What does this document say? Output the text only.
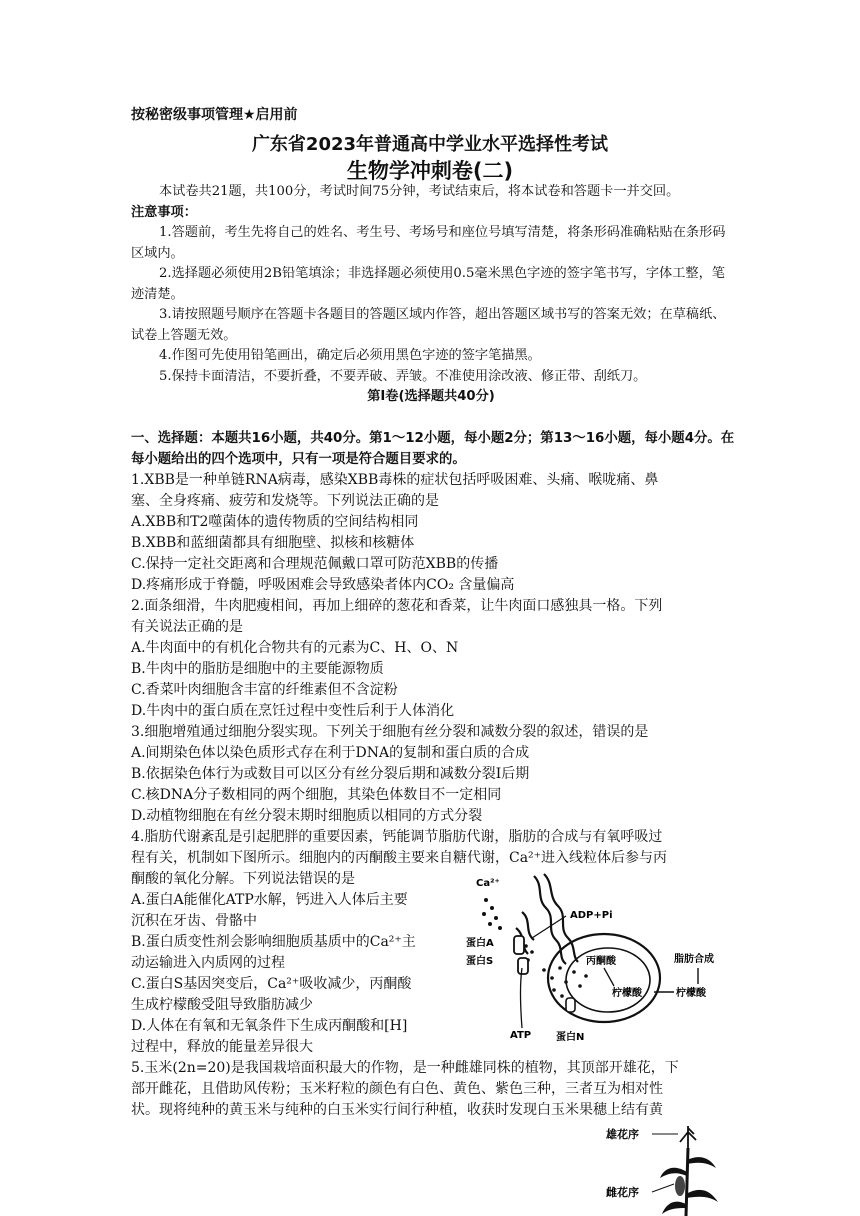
按秘密级事项管理★启用前
广东省2023年普通高中学业水平选择性考试
生物学冲刺卷(二)

本试卷共21题，共100分，考试时间75分钟，考试结束后，将本试卷和答题卡一并交回。

注意事项：

1.答题前，考生先将自己的姓名、考生号、考场号和座位号填写清楚，将条形码准确粘贴在条形码区域内。

2.选择题必须使用2B铅笔填涂；非选择题必须使用0.5毫米黑色字迹的签字笔书写，字体工整，笔迹清楚。

3.请按照题号顺序在答题卡各题目的答题区域内作答，超出答题区域书写的答案无效；在草稿纸、试卷上答题无效。

4.作图可先使用铅笔画出，确定后必须用黑色字迹的签字笔描黑。

5.保持卡面清洁，不要折叠，不要弄破、弄皱。不准使用涂改液、修正带、刮纸刀。

第Ⅰ卷(选择题共40分)

一、选择题：本题共16小题，共40分。第1～12小题，每小题2分；第13～16小题，每小题4分。在每小题给出的四个选项中，只有一项是符合题目要求的。

1.XBB是一种单链RNA病毒，感染XBB毒株的症状包括呼吸困难、头痛、喉咙痛、鼻

塞、全身疼痛、疲劳和发烧等。下列说法正确的是

A.XBB和T2噬菌体的遗传物质的空间结构相同

B.XBB和蓝细菌都具有细胞壁、拟核和核糖体

C.保持一定社交距离和合理规范佩戴口罩可防范XBB的传播

D.疼痛形成于脊髓，呼吸困难会导致感染者体内CO₂ 含量偏高

2.面条细滑，牛肉肥瘦相间，再加上细碎的葱花和香菜，让牛肉面口感独具一格。下列

有关说法正确的是

A.牛肉面中的有机化合物共有的元素为C、H、O、N

B.牛肉中的脂肪是细胞中的主要能源物质

C.香菜叶肉细胞含丰富的纤维素但不含淀粉

D.牛肉中的蛋白质在烹饪过程中变性后利于人体消化

3.细胞增殖通过细胞分裂实现。下列关于细胞有丝分裂和减数分裂的叙述，错误的是

A.间期染色体以染色质形式存在利于DNA的复制和蛋白质的合成

B.依据染色体行为或数目可以区分有丝分裂后期和减数分裂Ⅰ后期

C.核DNA分子数相同的两个细胞，其染色体数目不一定相同

D.动植物细胞在有丝分裂末期时细胞质以相同的方式分裂

4.脂肪代谢紊乱是引起肥胖的重要因素，钙能调节脂肪代谢，脂肪的合成与有氧呼吸过

程有关，机制如下图所示。细胞内的丙酮酸主要来自糖代谢，Ca²⁺进入线粒体后参与丙

酮酸的氧化分解。下列说法错误的是

A.蛋白A能催化ATP水解，钙进入人体后主要

沉积在牙齿、骨骼中

B.蛋白质变性剂会影响细胞质基质中的Ca²⁺主

动运输进入内质网的过程

C.蛋白S基因突变后，Ca²⁺吸收减少，丙酮酸

生成柠檬酸受阻导致脂肪减少

D.人体在有氧和无氧条件下生成丙酮酸和[H]

过程中，释放的能量差异很大

Ca²⁺
蛋白A
蛋白S
ADP+Pi
ATP 蛋白N
丙酮酸
柠檬酸	柠檬酸
脂肪合成

5.玉米(2n=20)是我国栽培面积最大的作物，是一种雌雄同株的植物，其顶部开雄花，下

部开雌花，且借助风传粉；玉米籽粒的颜色有白色、黄色、紫色三种，三者互为相对性

状。现将纯种的黄玉米与纯种的白玉米实行间行种植，收获时发现白玉米果穗上结有黄

雄花序
雌花序
